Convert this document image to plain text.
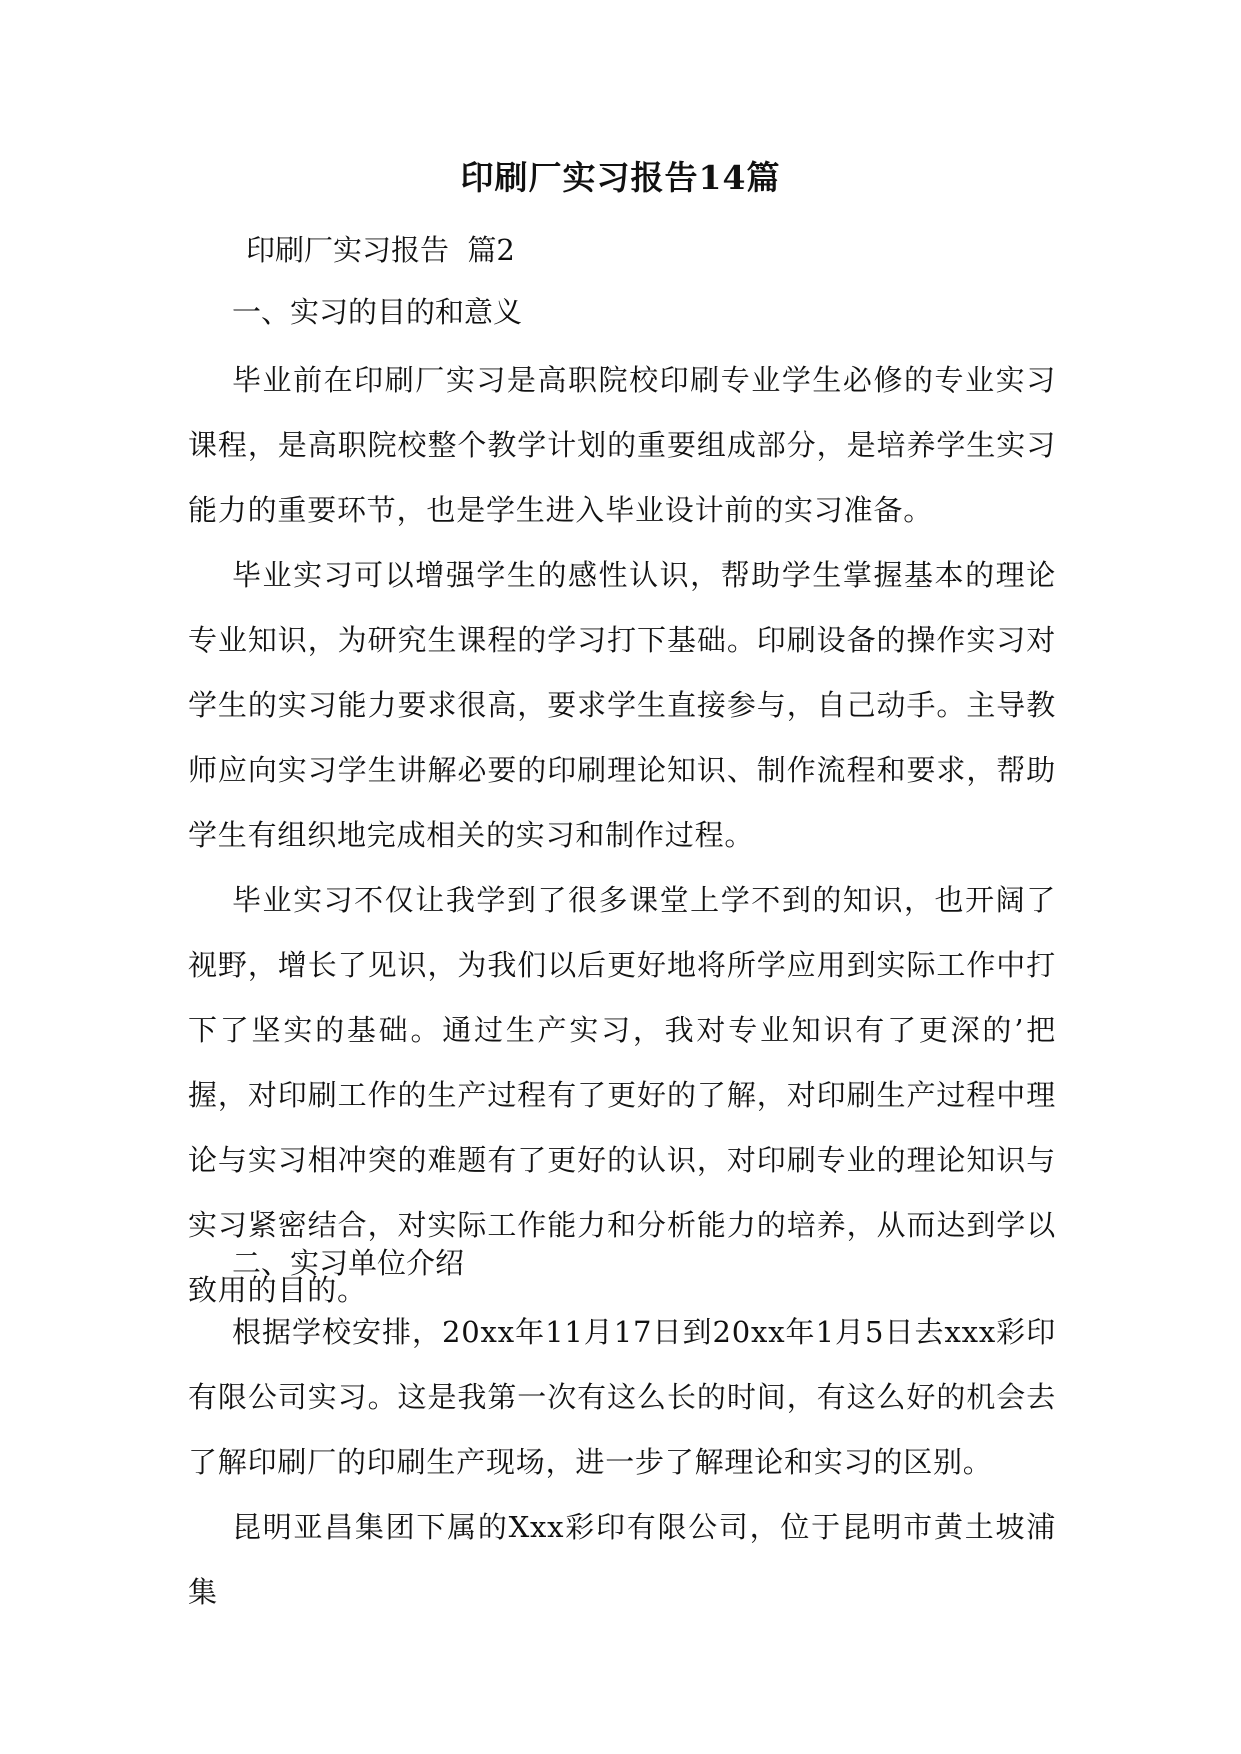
印刷厂实习报告14篇

印刷厂实习报告  篇2

一、实习的目的和意义

毕业前在印刷厂实习是高职院校印刷专业学生必修的专业实习课程，是高职院校整个教学计划的重要组成部分，是培养学生实习能力的重要环节，也是学生进入毕业设计前的实习准备。

毕业实习可以增强学生的感性认识，帮助学生掌握基本的理论专业知识，为研究生课程的学习打下基础。印刷设备的操作实习对学生的实习能力要求很高，要求学生直接参与，自己动手。主导教师应向实习学生讲解必要的印刷理论知识、制作流程和要求，帮助学生有组织地完成相关的实习和制作过程。

毕业实习不仅让我学到了很多课堂上学不到的知识，也开阔了视野，增长了见识，为我们以后更好地将所学应用到实际工作中打下了坚实的基础。通过生产实习，我对专业知识有了更深的’把握，对印刷工作的生产过程有了更好的了解，对印刷生产过程中理论与实习相冲突的难题有了更好的认识，对印刷专业的理论知识与实习紧密结合，对实际工作能力和分析能力的培养，从而达到学以致用的目的。

二、实习单位介绍

根据学校安排，20xx年11月17日到20xx年1月5日去xxx彩印有限公司实习。这是我第一次有这么长的时间，有这么好的机会去了解印刷厂的印刷生产现场，进一步了解理论和实习的区别。

昆明亚昌集团下属的Xxx彩印有限公司，位于昆明市黄土坡浦集
